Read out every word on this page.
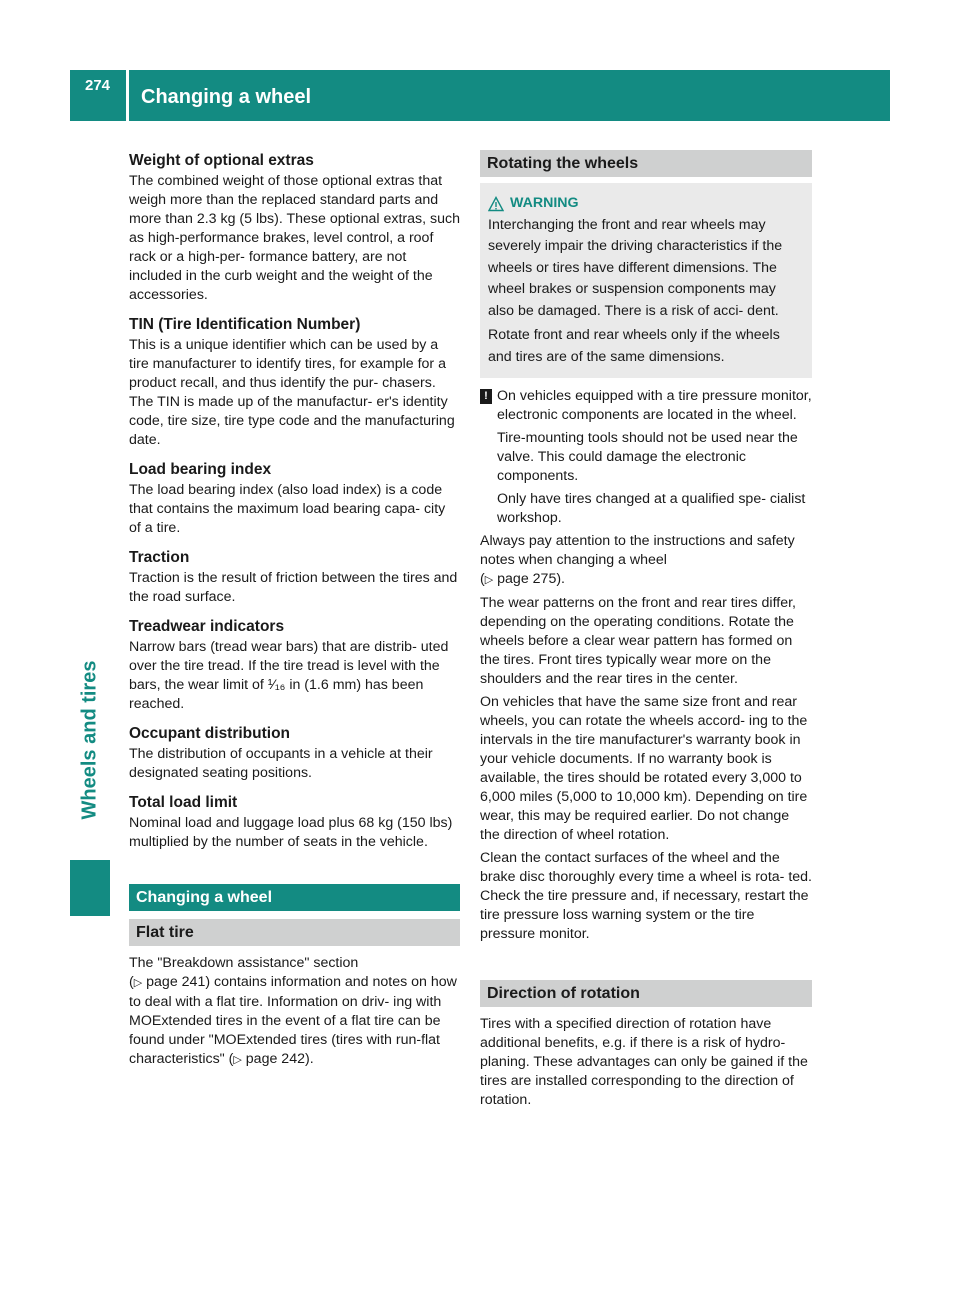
274
Changing a wheel
Wheels and tires
Weight of optional extras

The combined weight of those optional extras that weigh more than the replaced standard parts and more than 2.3 kg (5 lbs). These optional extras, such as high-performance brakes, level control, a roof rack or a high-per- formance battery, are not included in the curb weight and the weight of the accessories.

TIN (Tire Identification Number)

This is a unique identifier which can be used by a tire manufacturer to identify tires, for example for a product recall, and thus identify the pur- chasers. The TIN is made up of the manufactur- er's identity code, tire size, tire type code and the manufacturing date.

Load bearing index

The load bearing index (also load index) is a code that contains the maximum load bearing capa- city of a tire.

Traction

Traction is the result of friction between the tires and the road surface.

Treadwear indicators

Narrow bars (tread wear bars) that are distrib- uted over the tire tread. If the tire tread is level with the bars, the wear limit of ¹⁄₁₆ in (1.6 mm) has been reached.

Occupant distribution

The distribution of occupants in a vehicle at their designated seating positions.

Total load limit

Nominal load and luggage load plus 68 kg (150 lbs) multiplied by the number of seats in the vehicle.

Changing a wheel
Flat tire

The "Breakdown assistance" section
(▷ page 241) contains information and notes on how to deal with a flat tire. Information on driv- ing with MOExtended tires in the event of a flat tire can be found under "MOExtended tires (tires with run-flat characteristics" (▷ page 242).

Rotating the wheels
WARNING

Interchanging the front and rear wheels may severely impair the driving characteristics if the wheels or tires have different dimensions. The wheel brakes or suspension components may also be damaged. There is a risk of acci- dent.

Rotate front and rear wheels only if the wheels and tires are of the same dimensions.

! On vehicles equipped with a tire pressure monitor, electronic components are located in the wheel.

Tire-mounting tools should not be used near the valve. This could damage the electronic components.

Only have tires changed at a qualified spe- cialist workshop.

Always pay attention to the instructions and safety notes when changing a wheel
(▷ page 275).

The wear patterns on the front and rear tires differ, depending on the operating conditions. Rotate the wheels before a clear wear pattern has formed on the tires. Front tires typically wear more on the shoulders and the rear tires in the center.

On vehicles that have the same size front and rear wheels, you can rotate the wheels accord- ing to the intervals in the tire manufacturer's warranty book in your vehicle documents. If no warranty book is available, the tires should be rotated every 3,000 to 6,000 miles (5,000 to 10,000 km). Depending on tire wear, this may be required earlier. Do not change the direction of wheel rotation.

Clean the contact surfaces of the wheel and the brake disc thoroughly every time a wheel is rota- ted. Check the tire pressure and, if necessary, restart the tire pressure loss warning system or the tire pressure monitor.

Direction of rotation

Tires with a specified direction of rotation have additional benefits, e.g. if there is a risk of hydro- planing. These advantages can only be gained if the tires are installed corresponding to the direction of rotation.
